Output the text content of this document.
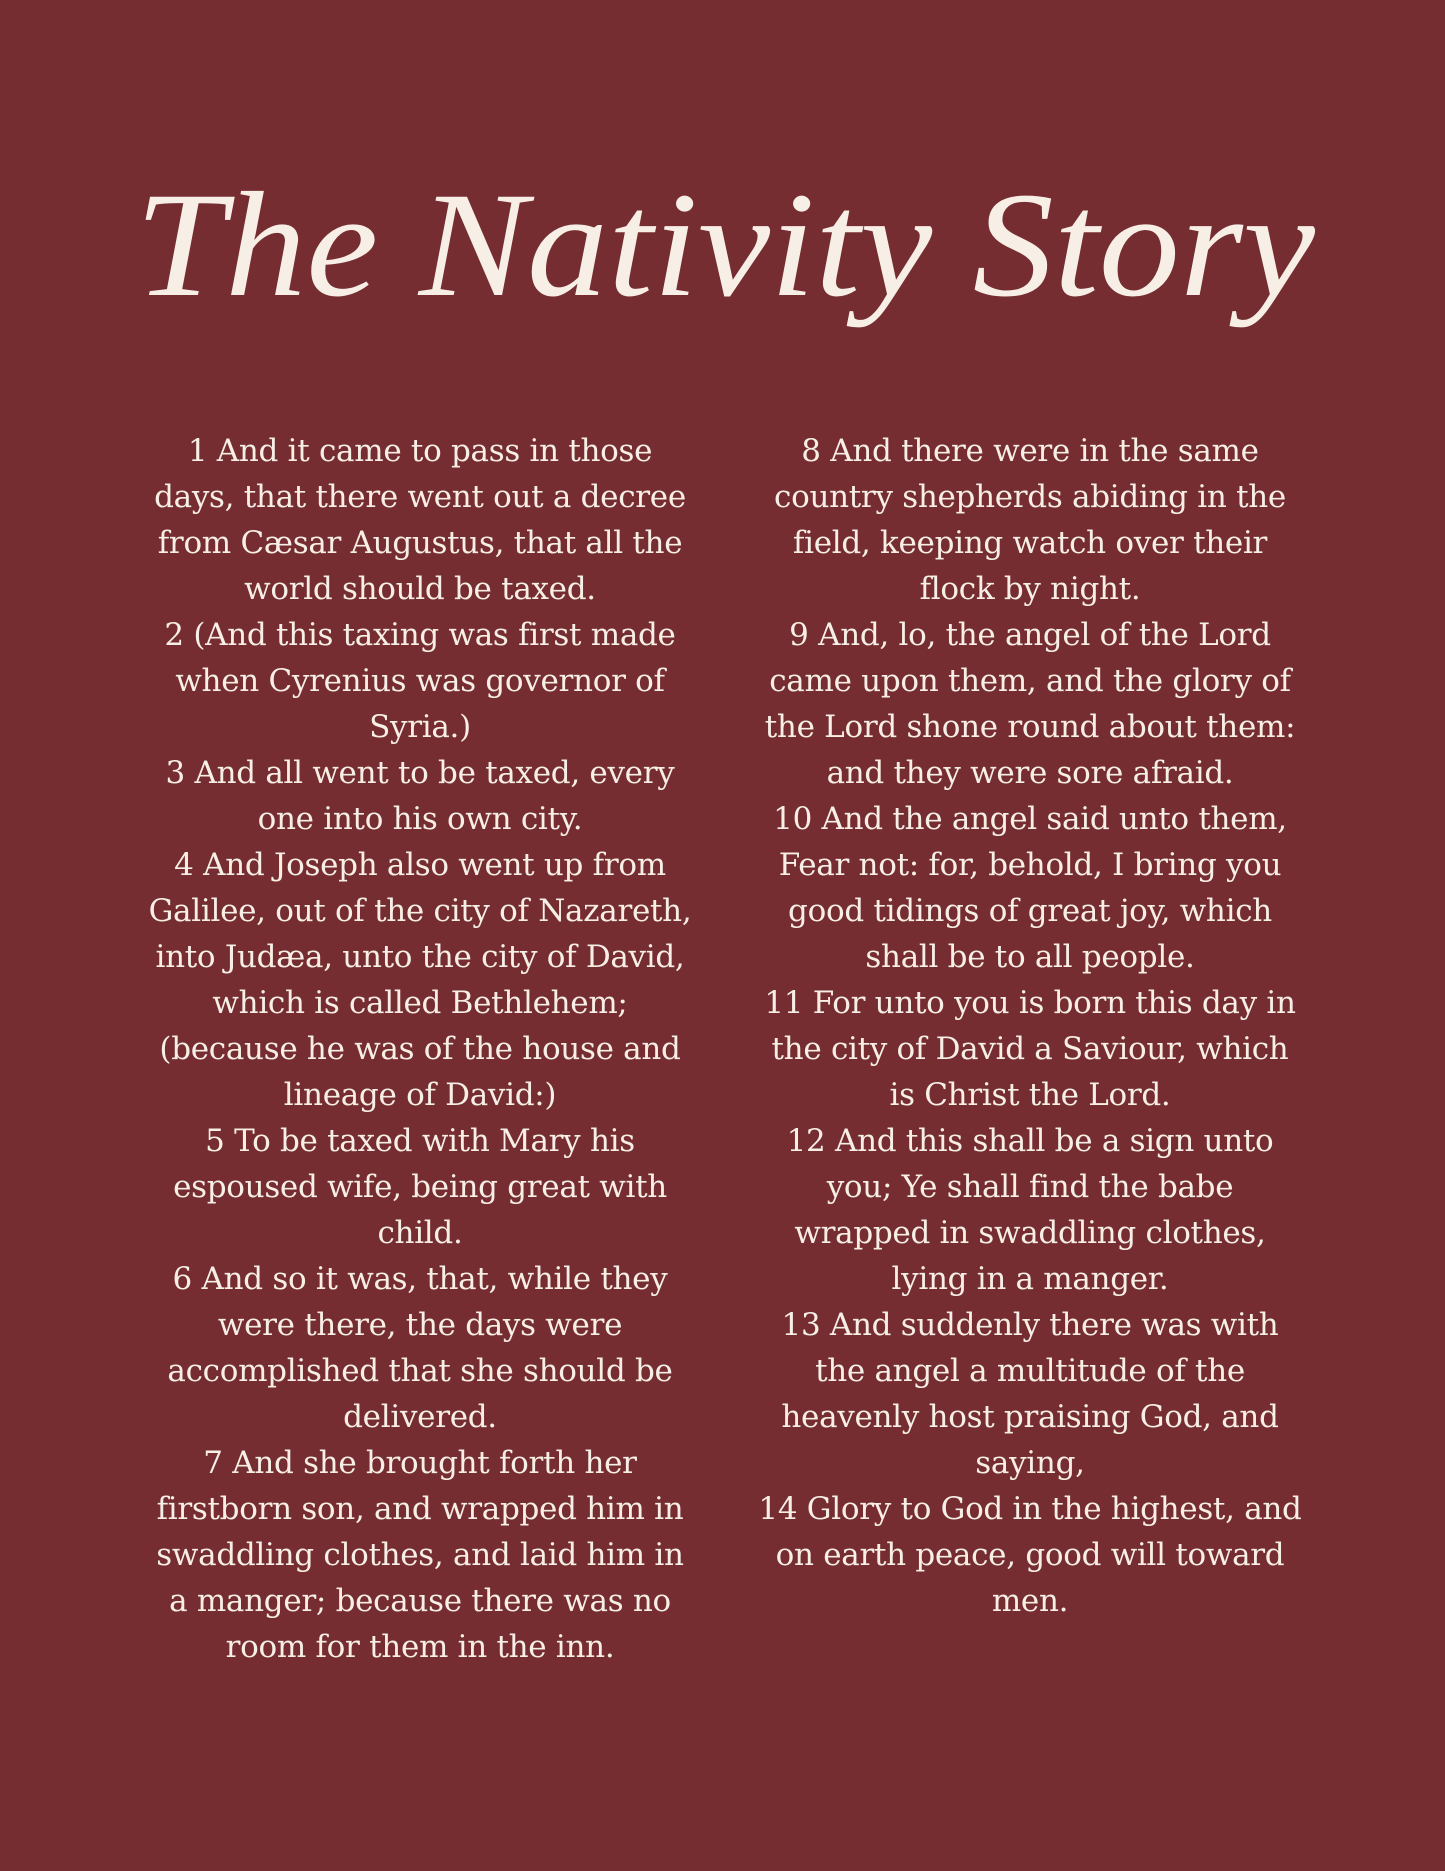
The Nativity Story
1 And it came to pass in those
days, that there went out a decree
from Cæsar Augustus, that all the
world should be taxed.
2 (And this taxing was first made
when Cyrenius was governor of
Syria.)
3 And all went to be taxed, every
one into his own city.
4 And Joseph also went up from
Galilee, out of the city of Nazareth,
into Judæa, unto the city of David,
which is called Bethlehem;
(because he was of the house and
lineage of David:)
5 To be taxed with Mary his
espoused wife, being great with
child.
6 And so it was, that, while they
were there, the days were
accomplished that she should be
delivered.
7 And she brought forth her
firstborn son, and wrapped him in
swaddling clothes, and laid him in
a manger; because there was no
room for them in the inn.
8 And there were in the same
country shepherds abiding in the
field, keeping watch over their
flock by night.
9 And, lo, the angel of the Lord
came upon them, and the glory of
the Lord shone round about them:
and they were sore afraid.
10 And the angel said unto them,
Fear not: for, behold, I bring you
good tidings of great joy, which
shall be to all people.
11 For unto you is born this day in
the city of David a Saviour, which
is Christ the Lord.
12 And this shall be a sign unto
you; Ye shall find the babe
wrapped in swaddling clothes,
lying in a manger.
13 And suddenly there was with
the angel a multitude of the
heavenly host praising God, and
saying,
14 Glory to God in the highest, and
on earth peace, good will toward
men.
